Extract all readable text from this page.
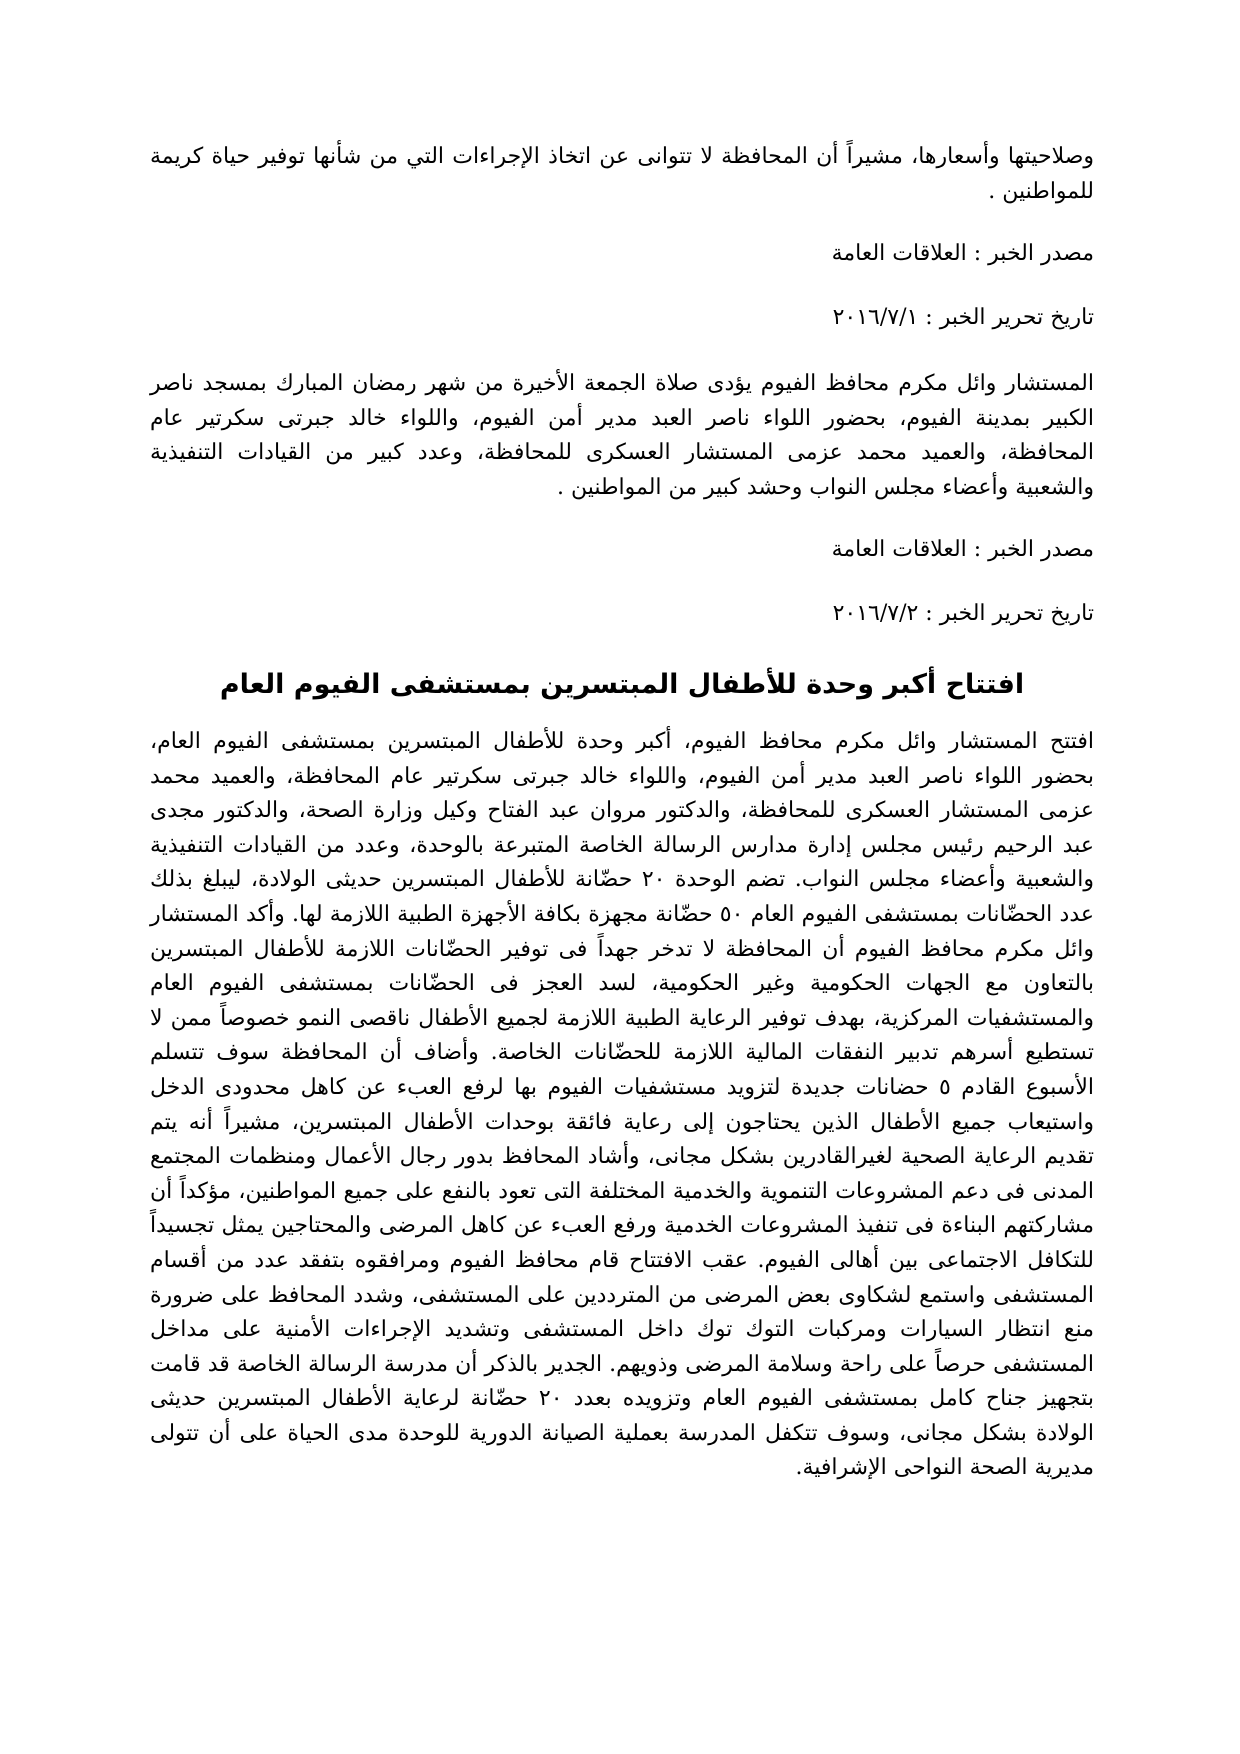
وصلاحيتها وأسعارها، مشيراً أن المحافظة لا تتوانى عن اتخاذ الإجراءات التي من شأنها توفير حياة كريمة للمواطنين .

مصدر الخبر : العلاقات العامة

تاريخ تحرير الخبر : ٢٠١٦/٧/١

المستشار وائل مكرم محافظ الفيوم يؤدى صلاة الجمعة الأخيرة من شهر رمضان المبارك بمسجد ناصر الكبير بمدينة الفيوم، بحضور اللواء ناصر العبد مدير أمن الفيوم، واللواء خالد جبرتى سكرتير عام المحافظة، والعميد محمد عزمى المستشار العسكرى للمحافظة، وعدد كبير من القيادات التنفيذية والشعبية وأعضاء مجلس النواب وحشد كبير من المواطنين .

مصدر الخبر : العلاقات العامة

تاريخ تحرير الخبر : ٢٠١٦/٧/٢

افتتاح أكبر وحدة للأطفال المبتسرين بمستشفى الفيوم العام

افتتح المستشار وائل مكرم محافظ الفيوم، أكبر وحدة للأطفال المبتسرين بمستشفى الفيوم العام، بحضور اللواء ناصر العبد مدير أمن الفيوم، واللواء خالد جبرتى سكرتير عام المحافظة، والعميد محمد عزمى المستشار العسكرى للمحافظة، والدكتور مروان عبد الفتاح وكيل وزارة الصحة، والدكتور مجدى عبد الرحيم رئيس مجلس إدارة مدارس الرسالة الخاصة المتبرعة بالوحدة، وعدد من القيادات التنفيذية والشعبية وأعضاء مجلس النواب. تضم الوحدة ٢٠ حضّانة للأطفال المبتسرين حديثى الولادة، ليبلغ بذلك عدد الحضّانات بمستشفى الفيوم العام ٥٠ حضّانة مجهزة بكافة الأجهزة الطبية اللازمة لها. وأكد المستشار وائل مكرم محافظ الفيوم أن المحافظة لا تدخر جهداً فى توفير الحضّانات اللازمة للأطفال المبتسرين بالتعاون مع الجهات الحكومية وغير الحكومية، لسد العجز فى الحضّانات بمستشفى الفيوم العام والمستشفيات المركزية، بهدف توفير الرعاية الطبية اللازمة لجميع الأطفال ناقصى النمو خصوصاً ممن لا تستطيع أسرهم تدبير النفقات المالية اللازمة للحضّانات الخاصة. وأضاف أن المحافظة سوف تتسلم الأسبوع القادم ٥ حضانات جديدة لتزويد مستشفيات الفيوم بها لرفع العبء عن كاهل محدودى الدخل واستيعاب جميع الأطفال الذين يحتاجون إلى رعاية فائقة بوحدات الأطفال المبتسرين، مشيراً أنه يتم تقديم الرعاية الصحية لغيرالقادرين بشكل مجانى، وأشاد المحافظ بدور رجال الأعمال ومنظمات المجتمع المدنى فى دعم المشروعات التنموية والخدمية المختلفة التى تعود بالنفع على جميع المواطنين، مؤكداً أن مشاركتهم البناءة فى تنفيذ المشروعات الخدمية ورفع العبء عن كاهل المرضى والمحتاجين يمثل تجسيداً للتكافل الاجتماعى بين أهالى الفيوم. عقب الافتتاح قام محافظ الفيوم ومرافقوه بتفقد عدد من أقسام المستشفى واستمع لشكاوى بعض المرضى من المترددين على المستشفى، وشدد المحافظ على ضرورة منع انتظار السيارات ومركبات التوك توك داخل المستشفى وتشديد الإجراءات الأمنية على مداخل المستشفى حرصاً على راحة وسلامة المرضى وذويهم. الجدير بالذكر أن مدرسة الرسالة الخاصة قد قامت بتجهيز جناح كامل بمستشفى الفيوم العام وتزويده بعدد ٢٠ حضّانة لرعاية الأطفال المبتسرين حديثى الولادة بشكل مجانى، وسوف تتكفل المدرسة بعملية الصيانة الدورية للوحدة مدى الحياة على أن تتولى مديرية الصحة النواحى الإشرافية.
